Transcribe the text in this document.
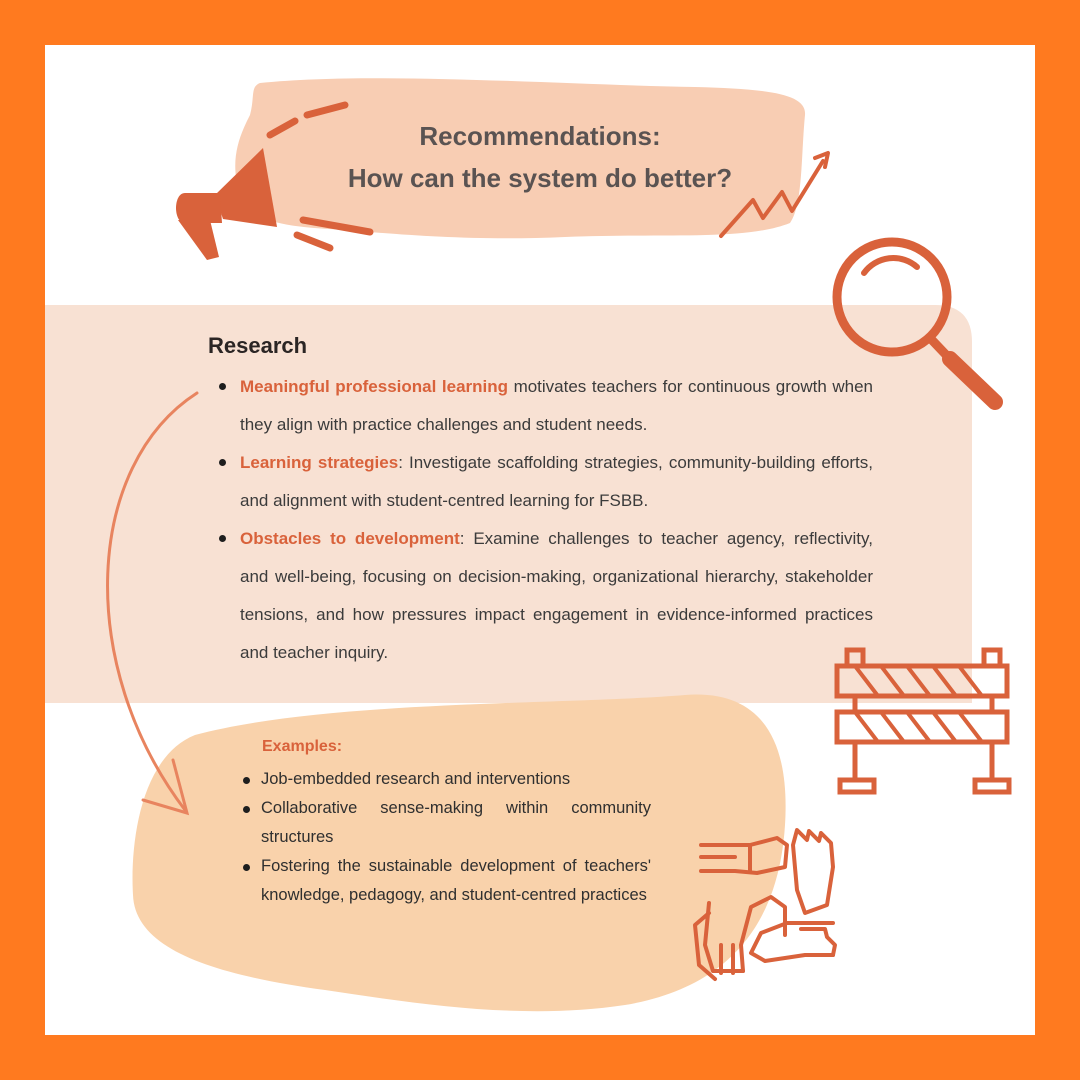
Recommendations:
How can the system do better?
Research
Meaningful professional learning motivates teachers for continuous growth when they align with practice challenges and student needs.
Learning strategies: Investigate scaffolding strategies, community-building efforts, and alignment with student-centred learning for FSBB.
Obstacles to development: Examine challenges to teacher agency, reflectivity, and well-being, focusing on decision-making, organizational hierarchy, stakeholder tensions, and how pressures impact engagement in evidence-informed practices and teacher inquiry.
Examples:
Job-embedded research and interventions
Collaborative sense-making within community structures
Fostering the sustainable development of teachers' knowledge, pedagogy, and student-centred practices
